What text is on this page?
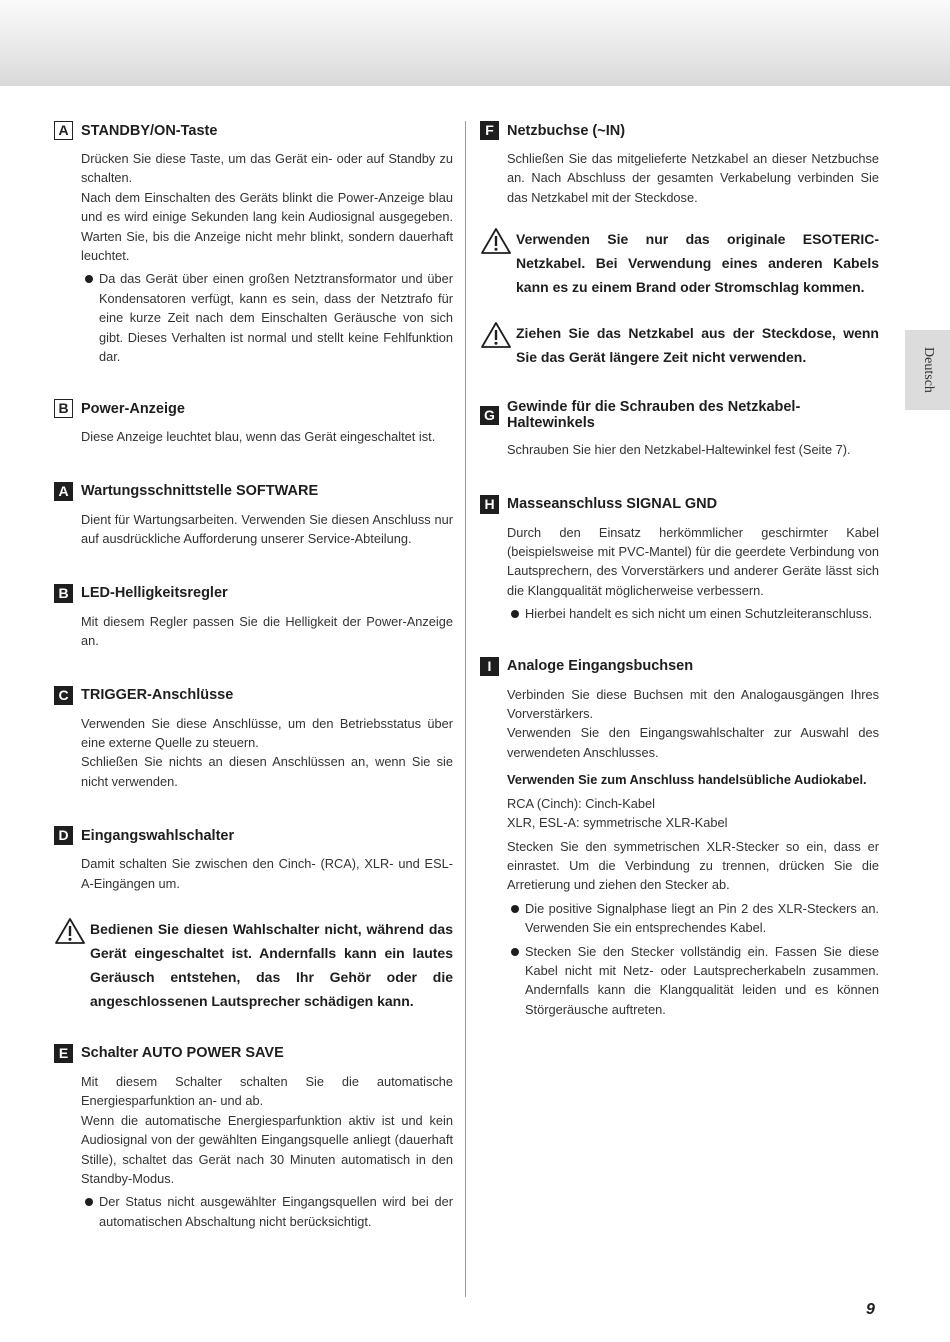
Deutsch
A STANDBY/ON-Taste

Drücken Sie diese Taste, um das Gerät ein- oder auf Standby zu schalten.

Nach dem Einschalten des Geräts blinkt die Power-Anzeige blau und es wird einige Sekunden lang kein Audiosignal ausgegeben. Warten Sie, bis die Anzeige nicht mehr blinkt, sondern dauerhaft leuchtet.

Da das Gerät über einen großen Netztransformator und über Kondensatoren verfügt, kann es sein, dass der Netztrafo für eine kurze Zeit nach dem Einschalten Geräusche von sich gibt. Dieses Verhalten ist normal und stellt keine Fehlfunktion dar.
B Power-Anzeige

Diese Anzeige leuchtet blau, wenn das Gerät eingeschaltet ist.

A Wartungsschnittstelle SOFTWARE

Dient für Wartungsarbeiten. Verwenden Sie diesen Anschluss nur auf ausdrückliche Aufforderung unserer Service-Abteilung.

B LED-Helligkeitsregler

Mit diesem Regler passen Sie die Helligkeit der Power-Anzeige an.

C TRIGGER-Anschlüsse

Verwenden Sie diese Anschlüsse, um den Betriebsstatus über eine externe Quelle zu steuern.

Schließen Sie nichts an diesen Anschlüssen an, wenn Sie sie nicht verwenden.

D Eingangswahlschalter

Damit schalten Sie zwischen den Cinch- (RCA), XLR- und ESL-A-Eingängen um.

Bedienen Sie diesen Wahlschalter nicht, während das Gerät eingeschaltet ist. Andernfalls kann ein lautes Geräusch entstehen, das Ihr Gehör oder die angeschlossenen Lautsprecher schädigen kann.
E Schalter AUTO POWER SAVE

Mit diesem Schalter schalten Sie die automatische Energiesparfunktion an- und ab.

Wenn die automatische Energiesparfunktion aktiv ist und kein Audiosignal von der gewählten Eingangsquelle anliegt (dauerhaft Stille), schaltet das Gerät nach 30 Minuten automatisch in den Standby-Modus.

Der Status nicht ausgewählter Eingangsquellen wird bei der automatischen Abschaltung nicht berücksichtigt.
F Netzbuchse (~IN)

Schließen Sie das mitgelieferte Netzkabel an dieser Netzbuchse an. Nach Abschluss der gesamten Verkabelung verbinden Sie das Netzkabel mit der Steckdose.

Verwenden Sie nur das originale ESOTERIC-Netzkabel. Bei Verwendung eines anderen Kabels kann es zu einem Brand oder Stromschlag kommen.
Ziehen Sie das Netzkabel aus der Steckdose, wenn Sie das Gerät längere Zeit nicht verwenden.
G Gewinde für die Schrauben des Netzkabel-Haltewinkels

Schrauben Sie hier den Netzkabel-Haltewinkel fest (Seite 7).

H Masseanschluss SIGNAL GND

Durch den Einsatz herkömmlicher geschirmter Kabel (beispielsweise mit PVC-Mantel) für die geerdete Verbindung von Lautsprechern, des Vorverstärkers und anderer Geräte lässt sich die Klangqualität möglicherweise verbessern.

Hierbei handelt es sich nicht um einen Schutzleiteranschluss.
I	Analoge Eingangsbuchsen

Verbinden Sie diese Buchsen mit den Analogausgängen Ihres Vorverstärkers.

Verwenden Sie den Eingangswahlschalter zur Auswahl des verwendeten Anschlusses.

Verwenden Sie zum Anschluss handelsübliche Audiokabel.

RCA (Cinch): Cinch-Kabel

XLR, ESL-A: symmetrische XLR-Kabel

Stecken Sie den symmetrischen XLR-Stecker so ein, dass er einrastet. Um die Verbindung zu trennen, drücken Sie die Arretierung und ziehen den Stecker ab.

Die positive Signalphase liegt an Pin 2 des XLR-Steckers an. Verwenden Sie ein entsprechendes Kabel.
Stecken Sie den Stecker vollständig ein. Fassen Sie diese Kabel nicht mit Netz- oder Lautsprecherkabeln zusammen. Andernfalls kann die Klangqualität leiden und es können Störgeräusche auftreten.
9
